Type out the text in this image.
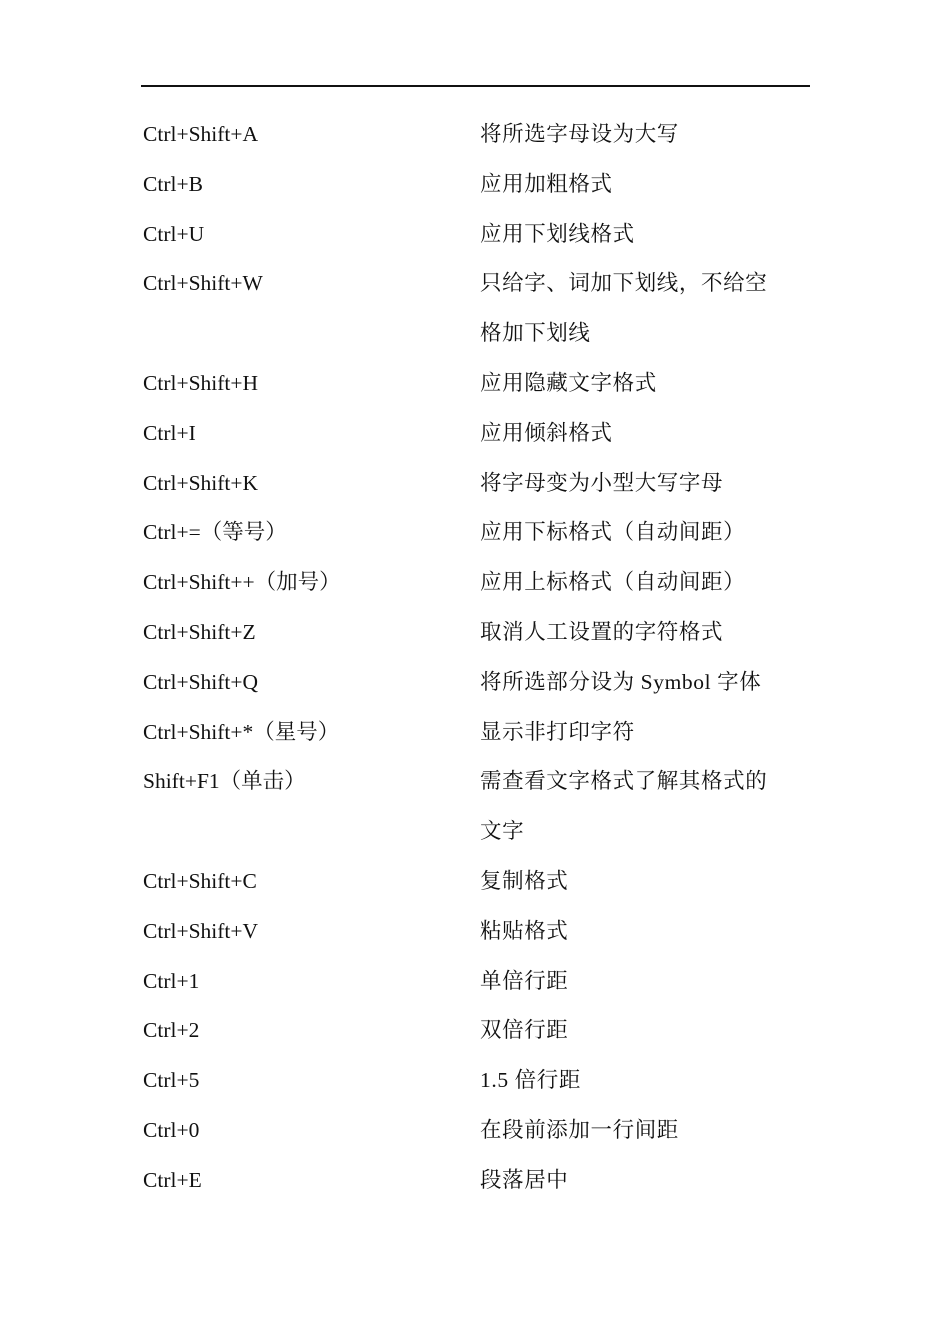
Ctrl+Shift+A	将所选字母设为大写
Ctrl+B	应用加粗格式
Ctrl+U	应用下划线格式
Ctrl+Shift+W	只给字、词加下划线，不给空格加下划线
Ctrl+Shift+H	应用隐藏文字格式
Ctrl+I	应用倾斜格式
Ctrl+Shift+K	将字母变为小型大写字母
Ctrl+=（等号）	应用下标格式（自动间距）
Ctrl+Shift++（加号）	应用上标格式（自动间距）
Ctrl+Shift+Z	取消人工设置的字符格式
Ctrl+Shift+Q	将所选部分设为 Symbol 字体
Ctrl+Shift+*（星号）	显示非打印字符
Shift+F1（单击）	需查看文字格式了解其格式的文字
Ctrl+Shift+C	复制格式
Ctrl+Shift+V	粘贴格式
Ctrl+1	单倍行距
Ctrl+2	双倍行距
Ctrl+5	1.5 倍行距
Ctrl+0	在段前添加一行间距
Ctrl+E	段落居中
